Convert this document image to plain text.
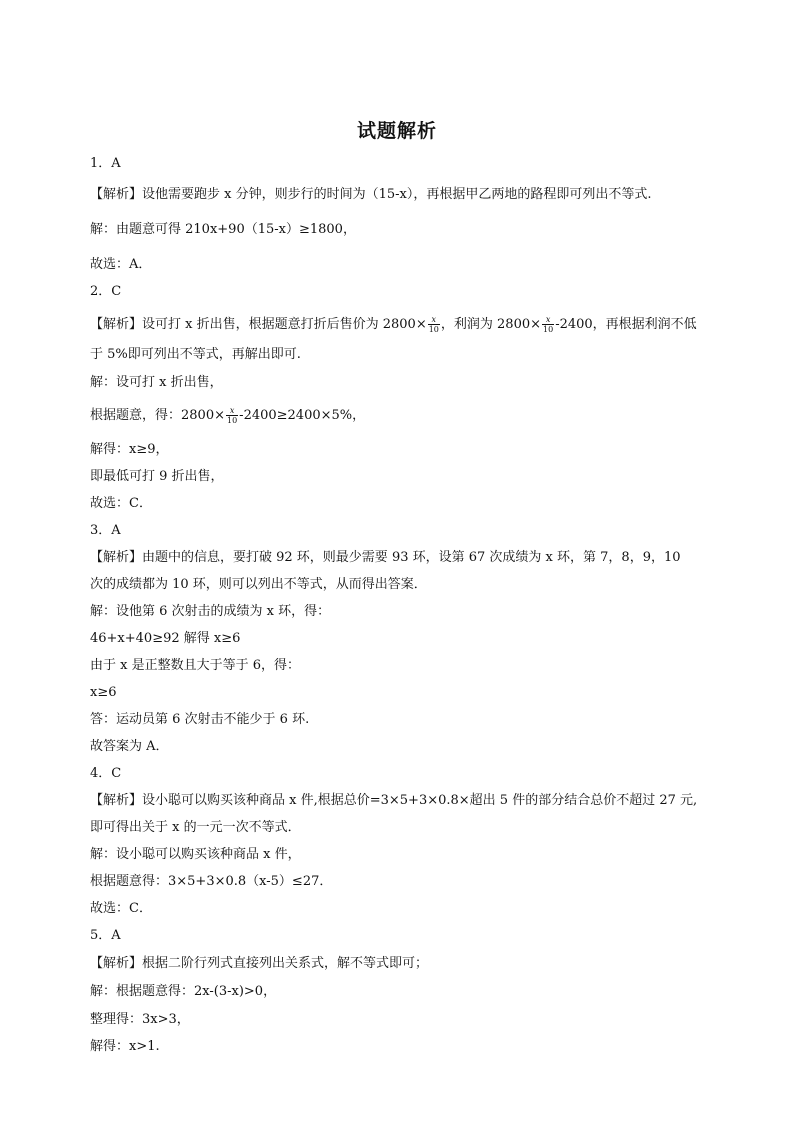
试题解析
1．A
【解析】设他需要跑步 x 分钟，则步行的时间为（15-x），再根据甲乙两地的路程即可列出不等式.
解：由题意可得 210x+90（15-x）≥1800，
故选：A．
2．C
【解析】设可打 x 折出售，根据题意打折后售价为 $2800\times \frac{x}{10}$ ，利润为 $2800\times \frac{x}{10} -2400$，再根据利润不低
于 5%即可列出不等式，再解出即可.
解：设可打 x 折出售，
根据题意，得：$2800\times \frac{x}{10} -2400\ge 2400\times 5\%$，
解得：x≥9，
即最低可打 9 折出售，
故选：C．
3．A
【解析】由题中的信息，要打破 92 环，则最少需要 93 环，设第 67 次成绩为 x 环，第 7，8，9，10
次的成绩都为 10 环，则可以列出不等式，从而得出答案．
解：设他第 6 次射击的成绩为 x 环，得：
46+x+40≥92 解得 x≥6
由于 x 是正整数且大于等于 6，得：
x≥6
答：运动员第 6 次射击不能少于 6 环.
故答案为 A．
4．C
【解析】设小聪可以购买该种商品 x 件,根据总价=3×5+3×0.8×超出 5 件的部分结合总价不超过 27 元,
即可得出关于 x 的一元一次不等式．
解：设小聪可以购买该种商品 x 件，
根据题意得：3×5+3×0.8（x-5）≤27．
故选：C．
5．A
【解析】根据二阶行列式直接列出关系式，解不等式即可；
解：根据题意得：2x-(3-x)>0，
整理得：3x>3，
解得：x>1.
